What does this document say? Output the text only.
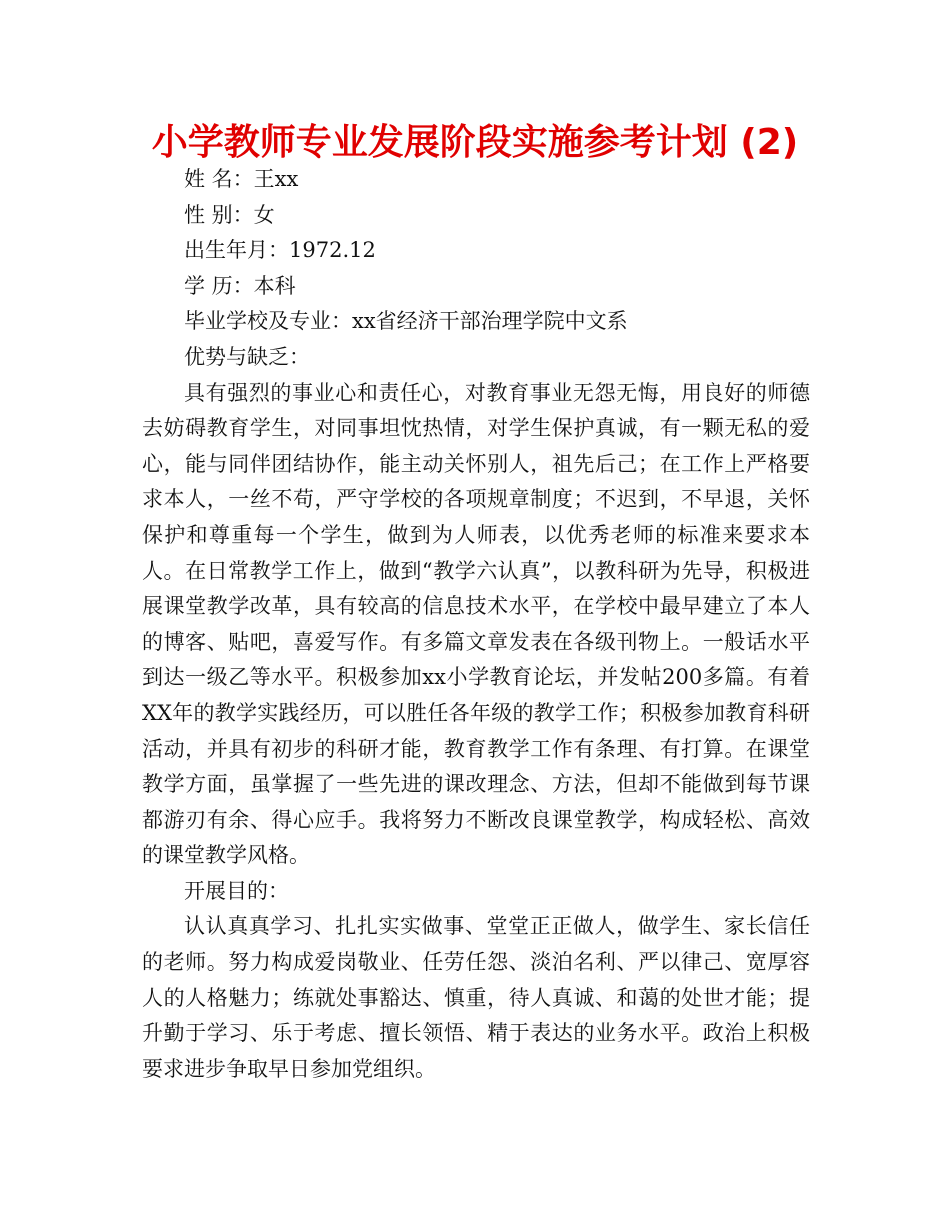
小学教师专业发展阶段实施参考计划 (2)
姓 名：王xx
性 别：女
出生年月：1972.12
学 历：本科
毕业学校及专业：xx省经济干部治理学院中文系
优势与缺乏：
具有强烈的事业心和责任心，对教育事业无怨无悔，用良好的师德去妨碍教育学生，对同事坦忱热情，对学生保护真诚，有一颗无私的爱心，能与同伴团结协作，能主动关怀别人，祖先后己；在工作上严格要求本人，一丝不苟，严守学校的各项规章制度；不迟到，不早退，关怀保护和尊重每一个学生，做到为人师表，以优秀老师的标准来要求本人。在日常教学工作上，做到“教学六认真”，以教科研为先导，积极进展课堂教学改革，具有较高的信息技术水平，在学校中最早建立了本人的博客、贴吧，喜爱写作。有多篇文章发表在各级刊物上。一般话水平到达一级乙等水平。积极参加xx小学教育论坛，并发帖200多篇。有着XX年的教学实践经历，可以胜任各年级的教学工作；积极参加教育科研活动，并具有初步的科研才能，教育教学工作有条理、有打算。在课堂教学方面，虽掌握了一些先进的课改理念、方法，但却不能做到每节课都游刃有余、得心应手。我将努力不断改良课堂教学，构成轻松、高效的课堂教学风格。
开展目的：
认认真真学习、扎扎实实做事、堂堂正正做人，做学生、家长信任的老师。努力构成爱岗敬业、任劳任怨、淡泊名利、严以律己、宽厚容人的人格魅力；练就处事豁达、慎重，待人真诚、和蔼的处世才能；提升勤于学习、乐于考虑、擅长领悟、精于表达的业务水平。政治上积极要求进步争取早日参加党组织。
